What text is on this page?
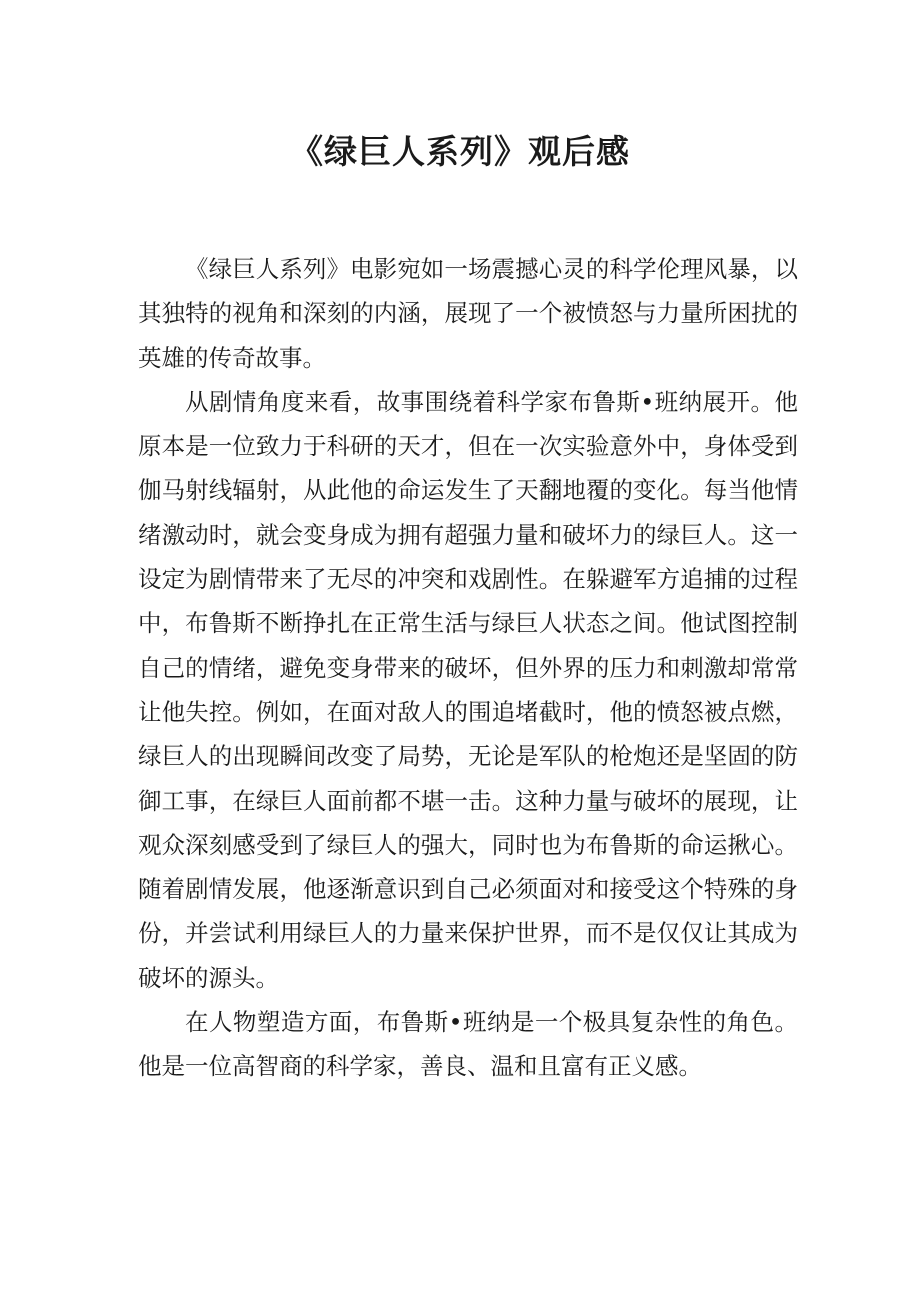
《绿巨人系列》观后感

《绿巨人系列》电影宛如一场震撼心灵的科学伦理风暴，以其独特的视角和深刻的内涵，展现了一个被愤怒与力量所困扰的英雄的传奇故事。

从剧情角度来看，故事围绕着科学家布鲁斯•班纳展开。他原本是一位致力于科研的天才，但在一次实验意外中，身体受到伽马射线辐射，从此他的命运发生了天翻地覆的变化。每当他情绪激动时，就会变身成为拥有超强力量和破坏力的绿巨人。这一设定为剧情带来了无尽的冲突和戏剧性。在躲避军方追捕的过程中，布鲁斯不断挣扎在正常生活与绿巨人状态之间。他试图控制自己的情绪，避免变身带来的破坏，但外界的压力和刺激却常常让他失控。例如，在面对敌人的围追堵截时，他的愤怒被点燃，绿巨人的出现瞬间改变了局势，无论是军队的枪炮还是坚固的防御工事，在绿巨人面前都不堪一击。这种力量与破坏的展现，让观众深刻感受到了绿巨人的强大，同时也为布鲁斯的命运揪心。随着剧情发展，他逐渐意识到自己必须面对和接受这个特殊的身份，并尝试利用绿巨人的力量来保护世界，而不是仅仅让其成为破坏的源头。

在人物塑造方面，布鲁斯•班纳是一个极具复杂性的角色。他是一位高智商的科学家，善良、温和且富有正义感。
